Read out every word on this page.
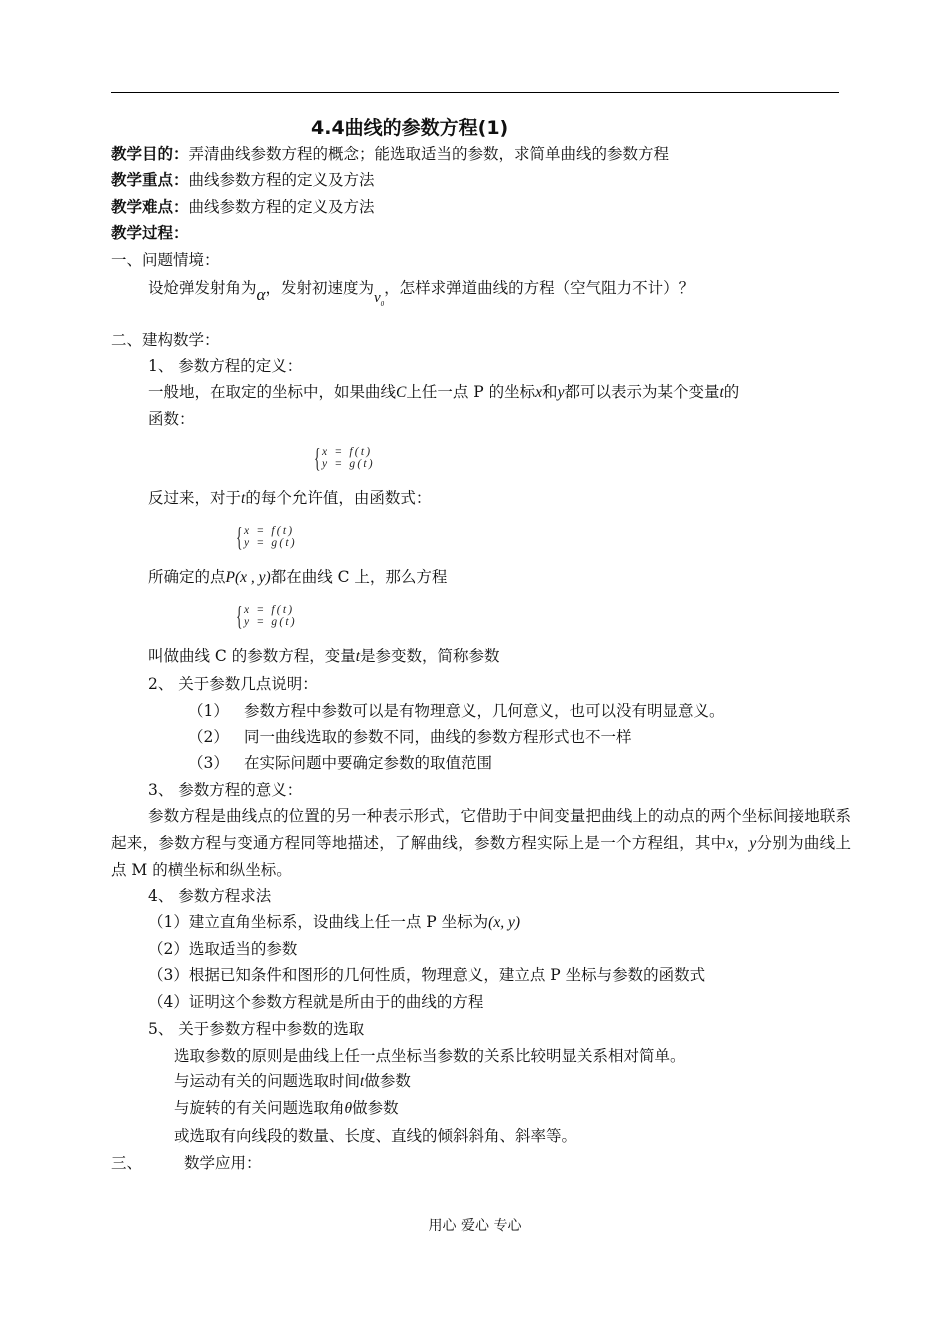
4.4曲线的参数方程(1)
教学目的：弄清曲线参数方程的概念；能选取适当的参数，求简单曲线的参数方程
教学重点：曲线参数方程的定义及方法
教学难点：曲线参数方程的定义及方法
教学过程：
一、问题情境：
设炝弹发射角为α，发射初速度为$v_0$，怎样求弹道曲线的方程（空气阻力不计）？
二、建构数学：
1、 参数方程的定义：
一般地，在取定的坐标中，如果曲线C上任一点 P 的坐标x和y都可以表示为某个变量t的
函数：
{ x = f(t)
y = g(t)
反过来，对于t的每个允许值，由函数式：
{ x = f(t)
y = g(t)
所确定的点P(x , y)都在曲线 C 上，那么方程
{ x = f(t)
y = g(t)
叫做曲线 C 的参数方程，变量t是参变数，简称参数
2、 关于参数几点说明：
（1） 参数方程中参数可以是有物理意义，几何意义，也可以没有明显意义。
（2） 同一曲线选取的参数不同，曲线的参数方程形式也不一样
（3） 在实际问题中要确定参数的取值范围
3、 参数方程的意义：
参数方程是曲线点的位置的另一种表示形式，它借助于中间变量把曲线上的动点的两个坐标间接地联系起来，参数方程与变通方程同等地描述，了解曲线，参数方程实际上是一个方程组，其中x，y分别为曲线上点 M 的横坐标和纵坐标。
4、 参数方程求法
（1）建立直角坐标系，设曲线上任一点 P 坐标为(x, y)
（2）选取适当的参数
（3）根据已知条件和图形的几何性质，物理意义，建立点 P 坐标与参数的函数式
（4）证明这个参数方程就是所由于的曲线的方程
5、 关于参数方程中参数的选取
选取参数的原则是曲线上任一点坐标当参数的关系比较明显关系相对简单。
与运动有关的问题选取时间t做参数
与旋转的有关问题选取角θ做参数
或选取有向线段的数量、长度、直线的倾斜斜角、斜率等。
三、	数学应用：
用心 爱心 专心
